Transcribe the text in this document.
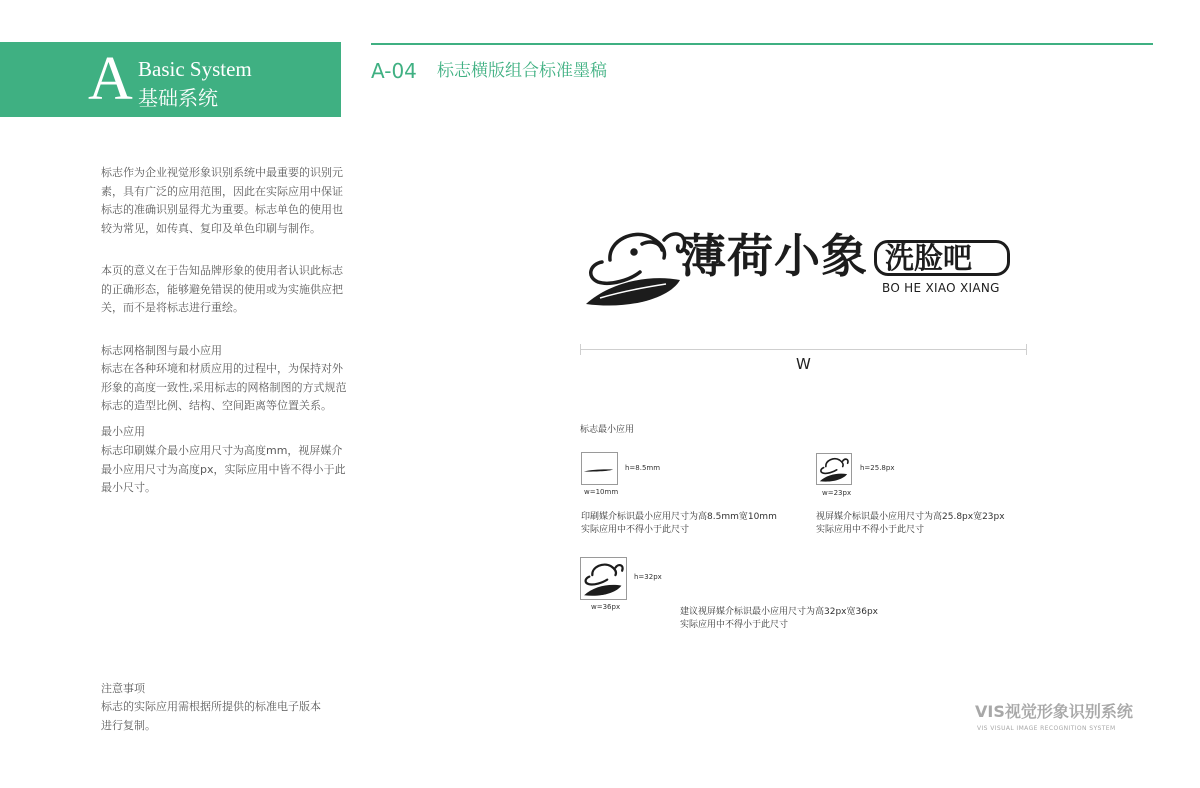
A Basic System
基础系统
A-04 标志横版组合标准墨稿
标志作为企业视觉形象识别系统中最重要的识别元素，具有广泛的应用范围，因此在实际应用中保证标志的准确识别显得尤为重要。标志单色的使用也较为常见，如传真、复印及单色印刷与制作。
本页的意义在于告知品牌形象的使用者认识此标志的正确形态，能够避免错误的使用或为实施供应把关，而不是将标志进行重绘。
标志网格制图与最小应用
标志在各种环境和材质应用的过程中，为保持对外形象的高度一致性,采用标志的网格制图的方式规范标志的造型比例、结构、空间距离等位置关系。
最小应用
标志印刷媒介最小应用尺寸为高度mm，视屏媒介最小应用尺寸为高度px，实际应用中皆不得小于此最小尺寸。
注意事项
标志的实际应用需根据所提供的标准电子版本进行复制。
薄荷小象 洗脸吧
BO HE XIAO XIANG
W
标志最小应用
h=8.5mm
w=10mm
印刷媒介标识最小应用尺寸为高8.5mm宽10mm
实际应用中不得小于此尺寸
h=25.8px
w=23px
视屏媒介标识最小应用尺寸为高25.8px宽23px
实际应用中不得小于此尺寸
h=32px
w=36px	建议视屏媒介标识最小应用尺寸为高32px宽36px
实际应用中不得小于此尺寸
VIS视觉形象识别系统
VIS VISUAL IMAGE RECOGNITION SYSTEM
